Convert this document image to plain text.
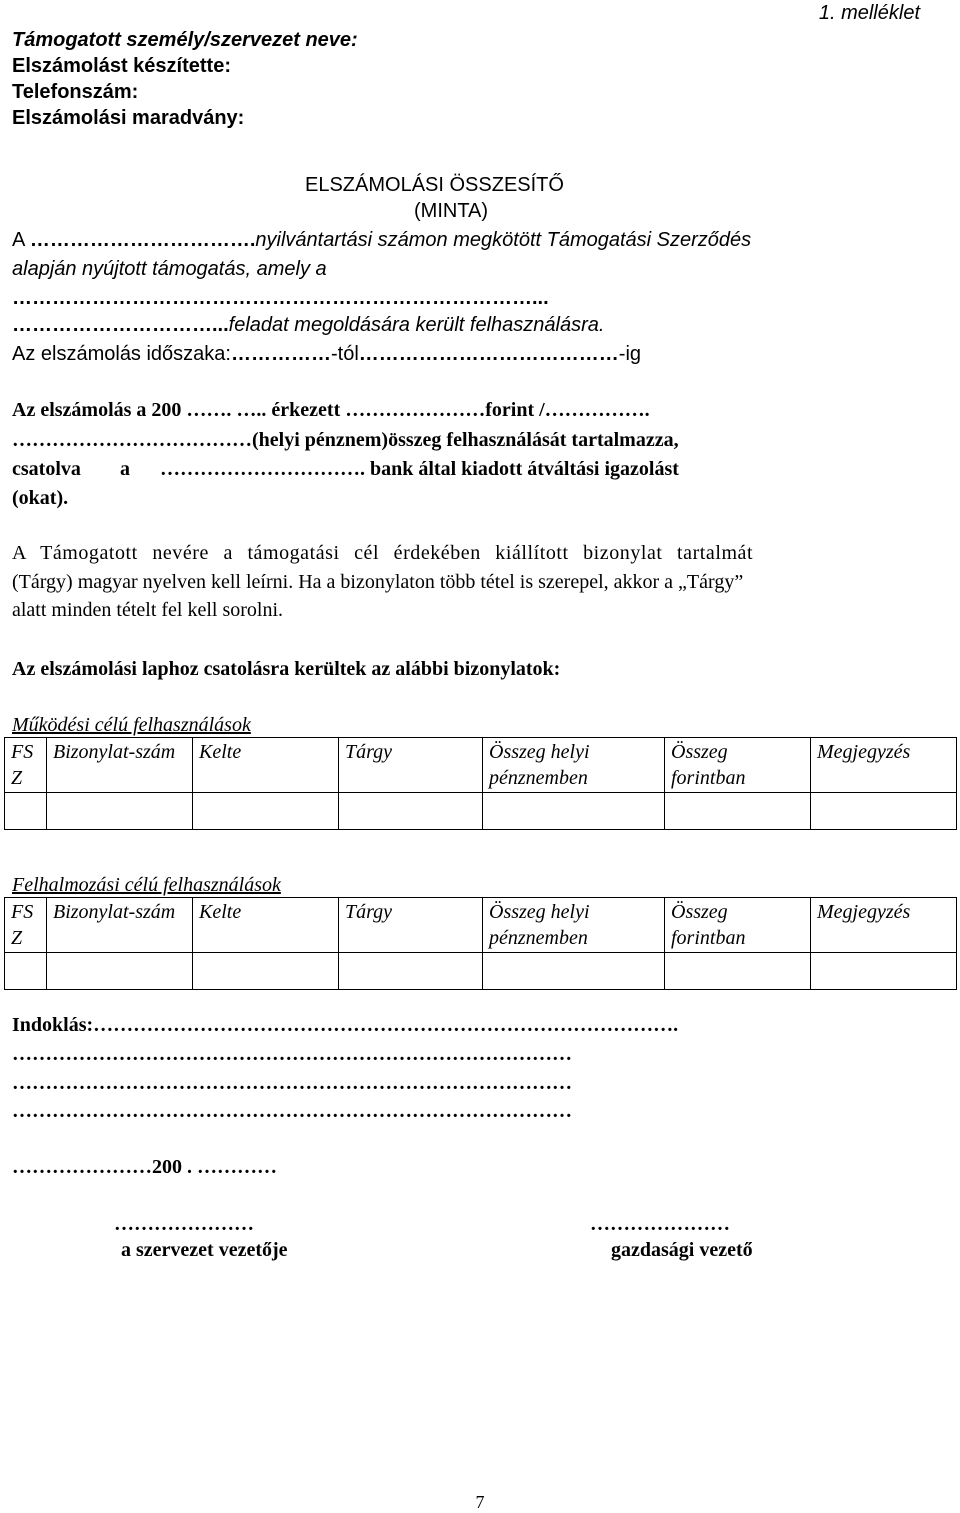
1. melléklet
Támogatott személy/szervezet neve:
Elszámolást készítette:
Telefonszám:
Elszámolási maradvány:
ELSZÁMOLÁSI ÖSSZESÍTŐ
(MINTA)
A …………………………….nyilvántartási számon megkötött Támogatási Szerződés
alapján nyújtott támogatás, amely a
……………………………………………………………………...
…………………………...feladat megoldására került felhasználásra.
Az elszámolás időszaka:……………-tól…………………………………-ig
Az elszámolás a 200 ……. ….. érkezett …………………forint /…………….
………………………………(helyi pénznem)összeg felhasználását tartalmazza,
csatolva a …………………………. bank által kiadott átváltási igazolást
(okat).
A Támogatott nevére a támogatási cél érdekében kiállított bizonylat tartalmát
(Tárgy) magyar nyelven kell leírni. Ha a bizonylaton több tétel is szerepel, akkor a „Tárgy”
alatt minden tételt fel kell sorolni.
Az elszámolási laphoz csatolásra kerültek az alábbi bizonylatok:
Működési célú felhasználások
FS Z	Bizonylat-szám	Kelte	Tárgy	Összeg helyi pénznemben	Összeg forintban	Megjegyzés

Felhalmozási célú felhasználások
FS Z	Bizonylat-szám	Kelte	Tárgy	Összeg helyi pénznemben	Összeg forintban	Megjegyzés

Indoklás:…………………………………………………………………………….
…………………………………………………………………………
…………………………………………………………………………
…………………………………………………………………………
…………………200 . …………
…………………
a szervezet vezetője
…………………
gazdasági vezető
7
